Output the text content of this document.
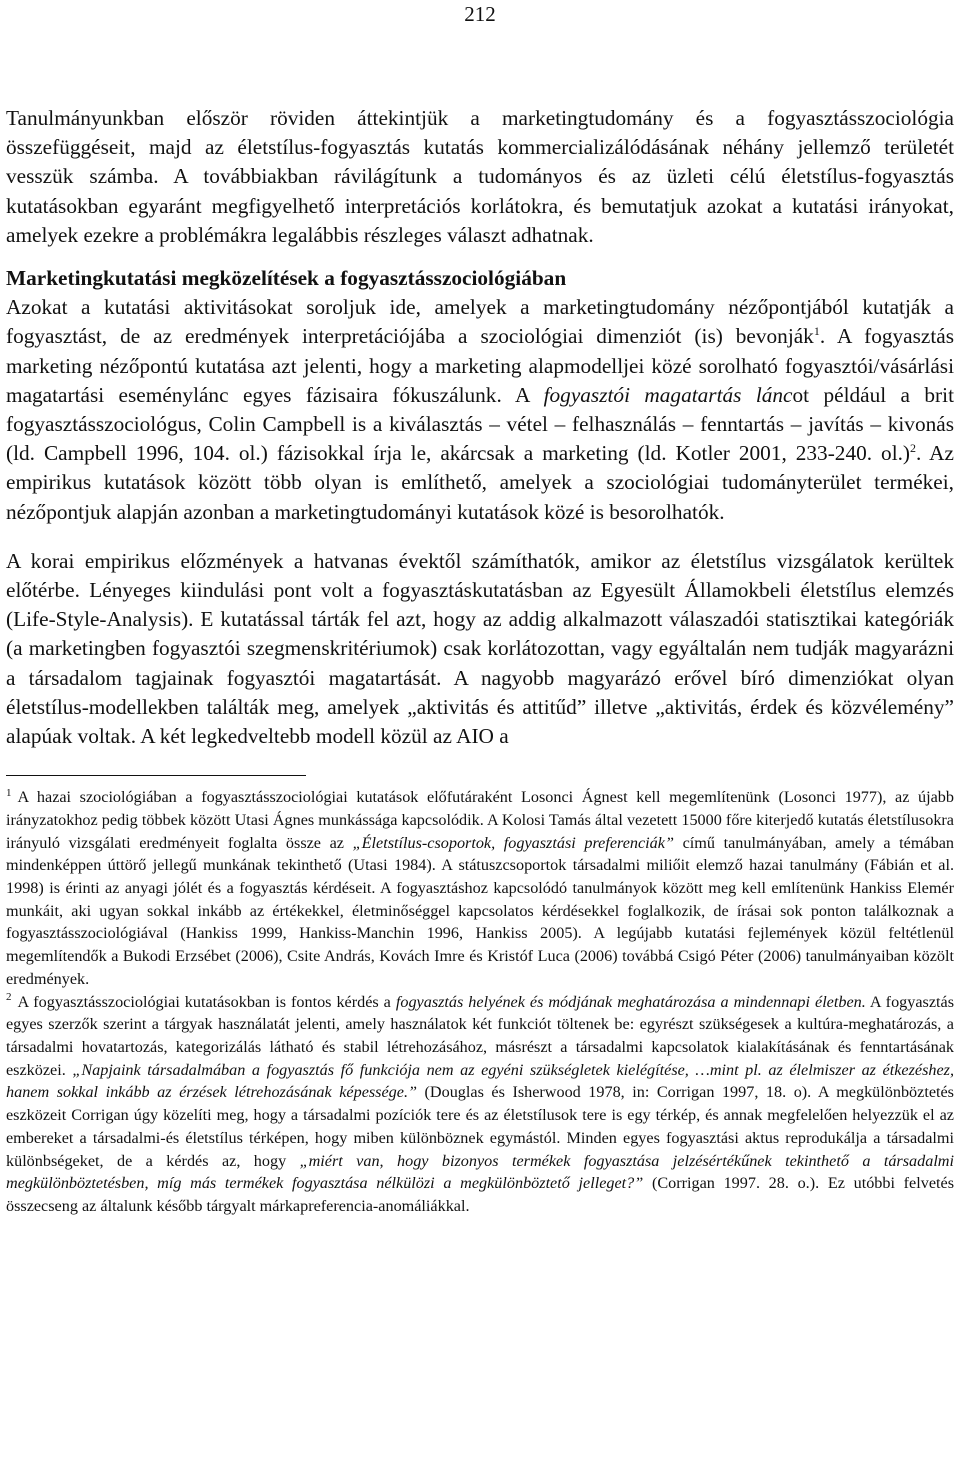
212

Tanulmányunkban először röviden áttekintjük a marketingtudomány és a fogyasztásszociológia összefüggéseit, majd az életstílus-fogyasztás kutatás kommercializálódásának néhány jellemző területét vesszük számba. A továbbiakban rávilágítunk a tudományos és az üzleti célú életstílus-fogyasztás kutatásokban egyaránt megfigyelhető interpretációs korlátokra, és bemutatjuk azokat a kutatási irányokat, amelyek ezekre a problémákra legalábbis részleges választ adhatnak.

Marketingkutatási megközelítések a fogyasztásszociológiában

Azokat a kutatási aktivitásokat soroljuk ide, amelyek a marketingtudomány nézőpontjából kutatják a fogyasztást, de az eredmények interpretációjába a szociológiai dimenziót (is) bevonják$^1$. A fogyasztás marketing nézőpontú kutatása azt jelenti, hogy a marketing alapmodelljei közé sorolható fogyasztói/vásárlási magatartási eseménylánc egyes fázisaira fókuszálunk. A fogyasztói magatartás láncot például a brit fogyasztásszociológus, Colin Campbell is a kiválasztás – vétel – felhasználás – fenntartás – javítás – kivonás (ld. Campbell 1996, 104. ol.) fázisokkal írja le, akárcsak a marketing (ld. Kotler 2001, 233-240. ol.)$^2$. Az empirikus kutatások között több olyan is említhető, amelyek a szociológiai tudományterület termékei, nézőpontjuk alapján azonban a marketingtudományi kutatások közé is besorolhatók.

A korai empirikus előzmények a hatvanas évektől számíthatók, amikor az életstílus vizsgálatok kerültek előtérbe. Lényeges kiindulási pont volt a fogyasztáskutatásban az Egyesült Államokbeli életstílus elemzés (Life-Style-Analysis). E kutatással tárták fel azt, hogy az addig alkalmazott válaszadói statisztikai kategóriák (a marketingben fogyasztói szegmenskritériumok) csak korlátozottan, vagy egyáltalán nem tudják magyarázni a társadalom tagjainak fogyasztói magatartását. A nagyobb magyarázó erővel bíró dimenziókat olyan életstílus-modellekben találták meg, amelyek „aktivitás és attitűd” illetve „aktivitás, érdek és közvélemény” alapúak voltak. A két legkedveltebb modell közül az AIO a

$^1$ A hazai szociológiában a fogyasztásszociológiai kutatások előfutáraként Losonci Ágnest kell megemlítenünk (Losonci 1977), az újabb irányzatokhoz pedig többek között Utasi Ágnes munkássága kapcsolódik. A Kolosi Tamás által vezetett 15000 főre kiterjedő kutatás életstílusokra irányuló vizsgálati eredményeit foglalta össze az „Életstílus-csoportok, fogyasztási preferenciák” című tanulmányában, amely a témában mindenképpen úttörő jellegű munkának tekinthető (Utasi 1984). A státuszcsoportok társadalmi miliőit elemző hazai tanulmány (Fábián et al. 1998) is érinti az anyagi jólét és a fogyasztás kérdéseit. A fogyasztáshoz kapcsolódó tanulmányok között meg kell említenünk Hankiss Elemér munkáit, aki ugyan sokkal inkább az értékekkel, életminőséggel kapcsolatos kérdésekkel foglalkozik, de írásai sok ponton találkoznak a fogyasztásszociológiával (Hankiss 1999, Hankiss-Manchin 1996, Hankiss 2005). A legújabb kutatási fejlemények közül feltétlenül megemlítendők a Bukodi Erzsébet (2006), Csite András, Kovách Imre és Kristóf Luca (2006) továbbá Csigó Péter (2006) tanulmányaiban közölt eredmények.

$^2$ A fogyasztásszociológiai kutatásokban is fontos kérdés a fogyasztás helyének és módjának meghatározása a mindennapi életben. A fogyasztás egyes szerzők szerint a tárgyak használatát jelenti, amely használatok két funkciót töltenek be: egyrészt szükségesek a kultúra-meghatározás, a társadalmi hovatartozás, kategorizálás látható és stabil létrehozásához, másrészt a társadalmi kapcsolatok kialakításának és fenntartásának eszközei. „Napjaink társadalmában a fogyasztás fő funkciója nem az egyéni szükségletek kielégítése, …mint pl. az élelmiszer az étkezéshez, hanem sokkal inkább az érzések létrehozásának képessége.” (Douglas és Isherwood 1978, in: Corrigan 1997, 18. o). A megkülönböztetés eszközeit Corrigan úgy közelíti meg, hogy a társadalmi pozíciók tere és az életstílusok tere is egy térkép, és annak megfelelően helyezzük el az embereket a társadalmi-és életstílus térképen, hogy miben különböznek egymástól. Minden egyes fogyasztási aktus reprodukálja a társadalmi különbségeket, de a kérdés az, hogy „miért van, hogy bizonyos termékek fogyasztása jelzésértékűnek tekinthető a társadalmi megkülönböztetésben, míg más termékek fogyasztása nélkülözi a megkülönböztető jelleget?” (Corrigan 1997. 28. o.). Ez utóbbi felvetés összecseng az általunk később tárgyalt márkapreferencia-anomáliákkal.
